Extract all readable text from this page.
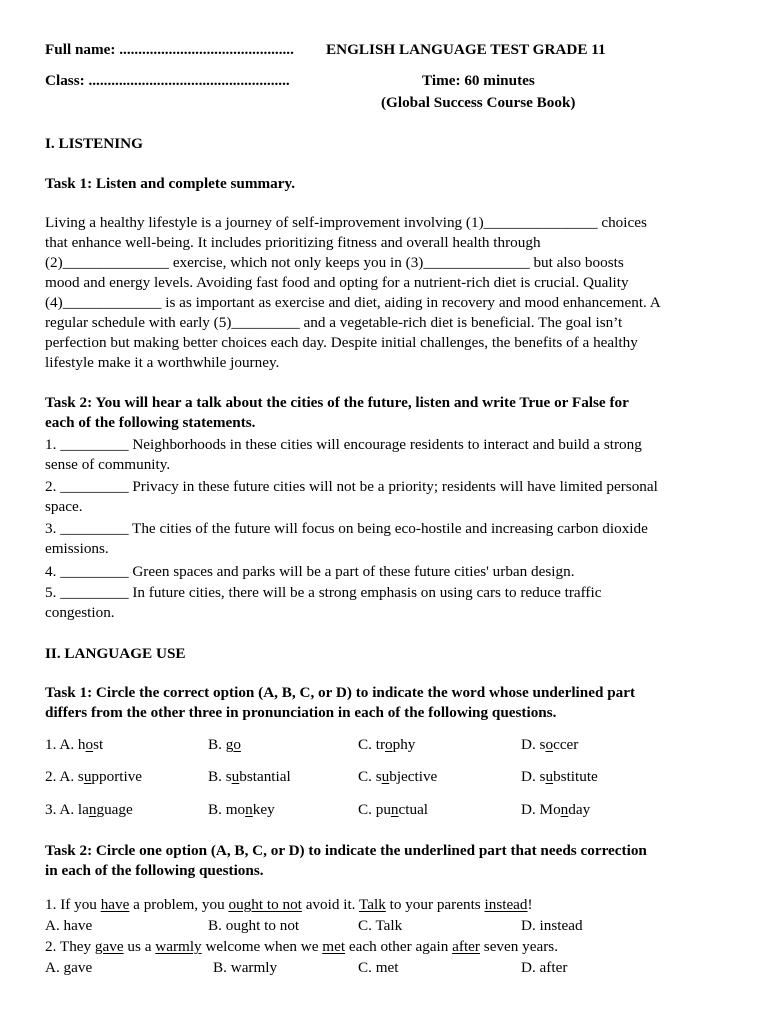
Full name: .............................................. ENGLISH LANGUAGE TEST GRADE 11
Class: .....................................................	Time: 60 minutes
(Global Success Course Book)
I. LISTENING
Task 1: Listen and complete summary.

Living a healthy lifestyle is a journey of self-improvement involving (1)_______________ choices

that enhance well-being. It includes prioritizing fitness and overall health through

(2)______________ exercise, which not only keeps you in (3)______________ but also boosts

mood and energy levels. Avoiding fast food and opting for a nutrient-rich diet is crucial. Quality

(4)_____________ is as important as exercise and diet, aiding in recovery and mood enhancement. A

regular schedule with early (5)_________ and a vegetable-rich diet is beneficial. The goal isn’t

perfection but making better choices each day. Despite initial challenges, the benefits of a healthy

lifestyle make it a worthwhile journey.

Task 2: You will hear a talk about the cities of the future, listen and write True or False for

each of the following statements.

1. _________ Neighborhoods in these cities will encourage residents to interact and build a strong

sense of community.

2. _________ Privacy in these future cities will not be a priority; residents will have limited personal

space.

3. _________ The cities of the future will focus on being eco-hostile and increasing carbon dioxide

emissions.

4. _________ Green spaces and parks will be a part of these future cities' urban design.

5. _________ In future cities, there will be a strong emphasis on using cars to reduce traffic

congestion.

II. LANGUAGE USE

Task 1: Circle the correct option (A, B, C, or D) to indicate the word whose underlined part

differs from the other three in pronunciation in each of the following questions.

1. A. host	B. go	C. trophy	D. soccer
2. A. supportive	B. substantial	C. subjective	D. substitute
3. A. language	B. monkey	C. punctual	D. Monday

Task 2: Circle one option (A, B, C, or D) to indicate the underlined part that needs correction

in each of the following questions.

1. If you have a problem, you ought to not avoid it. Talk to your parents instead!
A. have	B. ought to not	C. Talk	D. instead
2. They gave us a warmly welcome when we met each other again after seven years.
A. gave	B. warmly	C. met	D. after
